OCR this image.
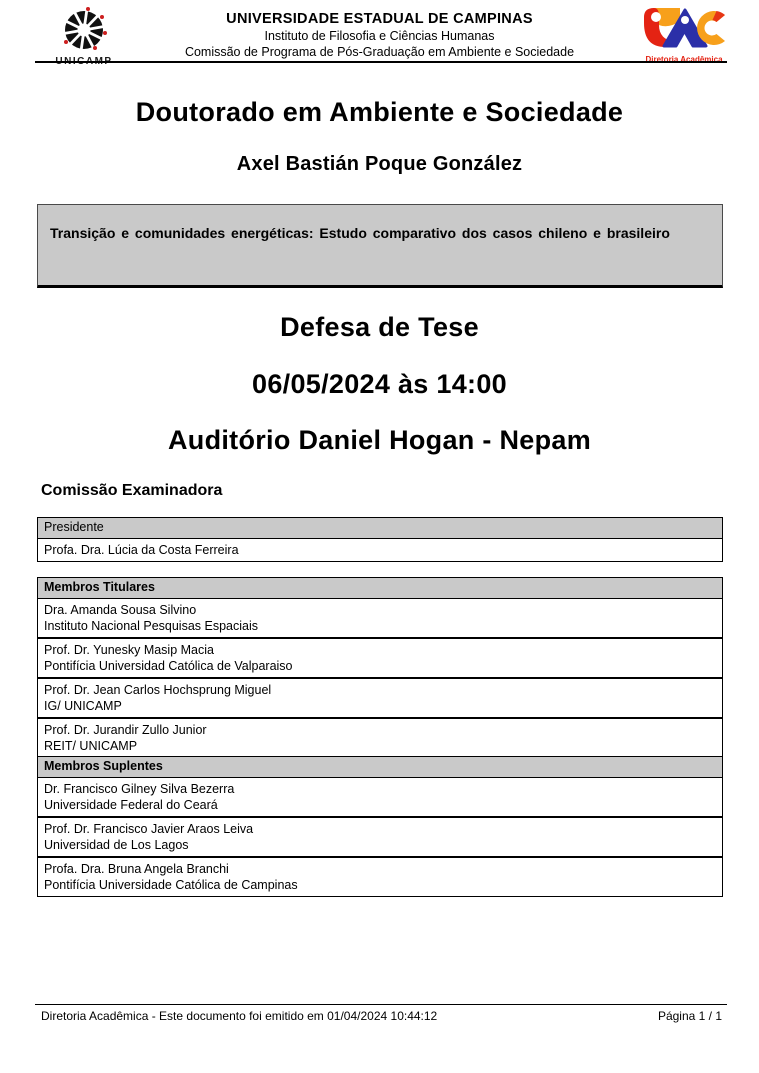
UNICAMP
UNIVERSIDADE ESTADUAL DE CAMPINAS
Instituto de Filosofia e Ciências Humanas
Comissão de Programa de Pós-Graduação em Ambiente e Sociedade
Diretoria Acadêmica
Doutorado em Ambiente e Sociedade
Axel Bastián Poque González
Transição e comunidades energéticas: Estudo comparativo dos casos chileno e brasileiro
Defesa de Tese
06/05/2024 às 14:00
Auditório Daniel Hogan - Nepam
Comissão Examinadora
Presidente
Profa. Dra. Lúcia da Costa Ferreira
Membros Titulares
Dra. Amanda Sousa Silvino
Instituto Nacional Pesquisas Espaciais
Prof. Dr. Yunesky Masip Macia
Pontifícia Universidad Católica de Valparaiso
Prof. Dr. Jean Carlos Hochsprung Miguel
IG/ UNICAMP
Prof. Dr. Jurandir Zullo Junior
REIT/ UNICAMP
Membros Suplentes
Dr. Francisco Gilney Silva Bezerra
Universidade Federal do Ceará
Prof. Dr. Francisco Javier Araos Leiva
Universidad de Los Lagos
Profa. Dra. Bruna Angela Branchi
Pontifícia Universidade Católica de Campinas
Diretoria Acadêmica - Este documento foi emitido em 01/04/2024 10:44:12	Página 1 / 1
